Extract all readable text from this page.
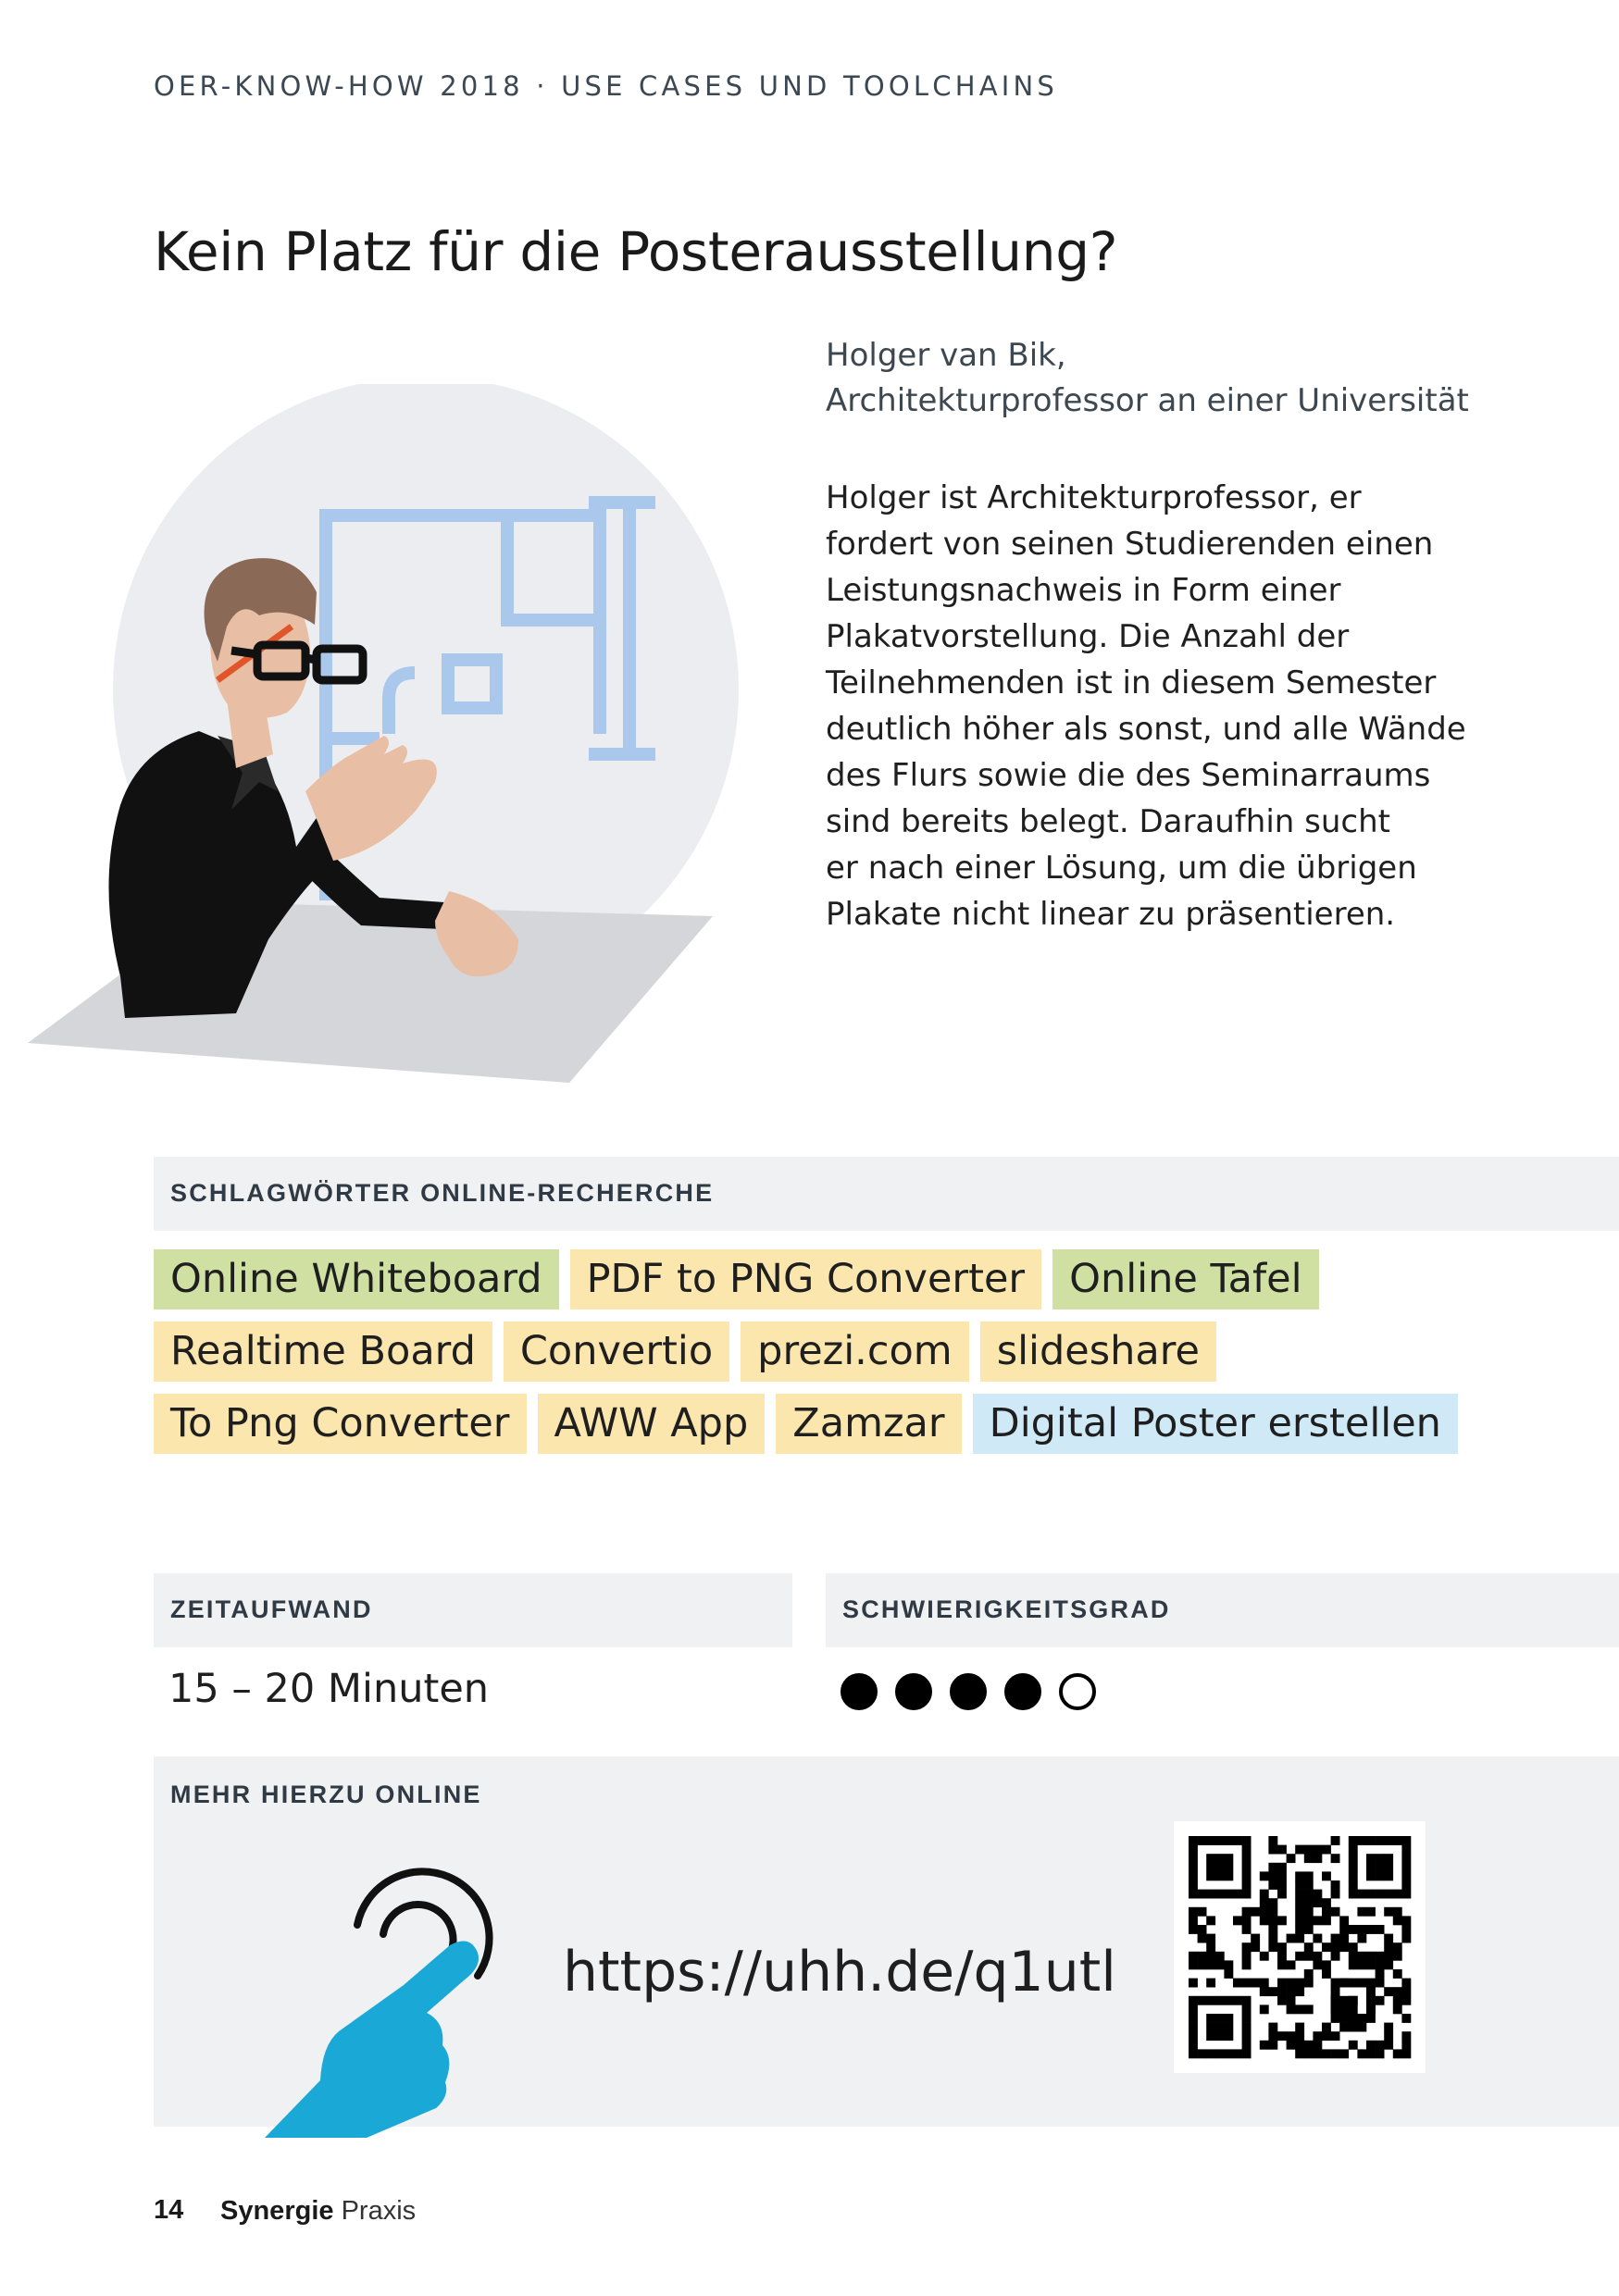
OER-KNOW-HOW 2018 · USE CASES UND TOOLCHAINS
Kein Platz für die Posterausstellung?
Holger van Bik,
Architekturprofessor an einer Universität

Holger ist Architekturprofessor, er
fordert von seinen Studierenden einen
Leistungsnachweis in Form einer
Plakatvorstellung. Die Anzahl der
Teilnehmenden ist in diesem Semester
deutlich höher als sonst, und alle Wände
des Flurs sowie die des Seminarraums
sind bereits belegt. Daraufhin sucht
er nach einer Lösung, um die übrigen
Plakate nicht linear zu präsentieren.

SCHLAGWÖRTER ONLINE-RECHERCHE
Online Whiteboard	PDF to PNG Converter	Online Tafel
Realtime Board	Convertio	prezi.com	slideshare
To Png Converter	AWW App	Zamzar	Digital Poster erstellen
ZEITAUFWAND	SCHWIERIGKEITSGRAD
15 – 20 Minuten
MEHR HIERZU ONLINE
https://uhh.de/q1utl
14 Synergie Praxis
